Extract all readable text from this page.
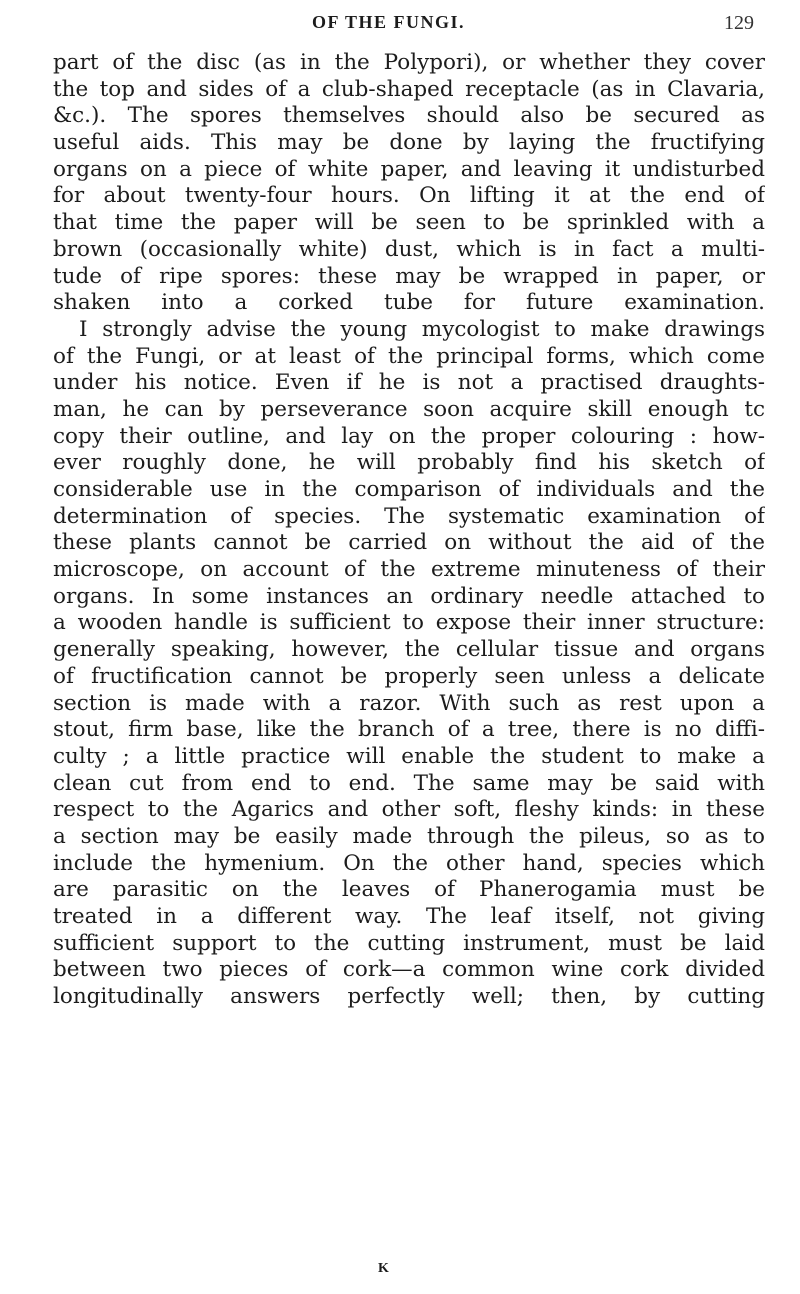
OF THE FUNGI.	129
part of the disc (as in the Polypori), or whether they cover
the top and sides of a club-shaped receptacle (as in Clavaria,
&c.). The spores themselves should also be secured as
useful aids. This may be done by laying the fructifying
organs on a piece of white paper, and leaving it undisturbed
for about twenty-four hours. On lifting it at the end of
that time the paper will be seen to be sprinkled with a
brown (occasionally white) dust, which is in fact a multi-
tude of ripe spores: these may be wrapped in paper, or
shaken into a corked tube for future examination.
I strongly advise the young mycologist to make drawings
of the Fungi, or at least of the principal forms, which come
under his notice. Even if he is not a practised draughts-
man, he can by perseverance soon acquire skill enough tc
copy their outline, and lay on the proper colouring : how-
ever roughly done, he will probably find his sketch of
considerable use in the comparison of individuals and the
determination of species. The systematic examination of
these plants cannot be carried on without the aid of the
microscope, on account of the extreme minuteness of their
organs. In some instances an ordinary needle attached to
a wooden handle is sufficient to expose their inner structure:
generally speaking, however, the cellular tissue and organs
of fructification cannot be properly seen unless a delicate
section is made with a razor. With such as rest upon a
stout, firm base, like the branch of a tree, there is no diffi-
culty ; a little practice will enable the student to make a
clean cut from end to end. The same may be said with
respect to the Agarics and other soft, fleshy kinds: in these
a section may be easily made through the pileus, so as to
include the hymenium. On the other hand, species which
are parasitic on the leaves of Phanerogamia must be
treated in a different way. The leaf itself, not giving
sufficient support to the cutting instrument, must be laid
between two pieces of cork—a common wine cork divided
longitudinally answers perfectly well; then, by cutting
K
